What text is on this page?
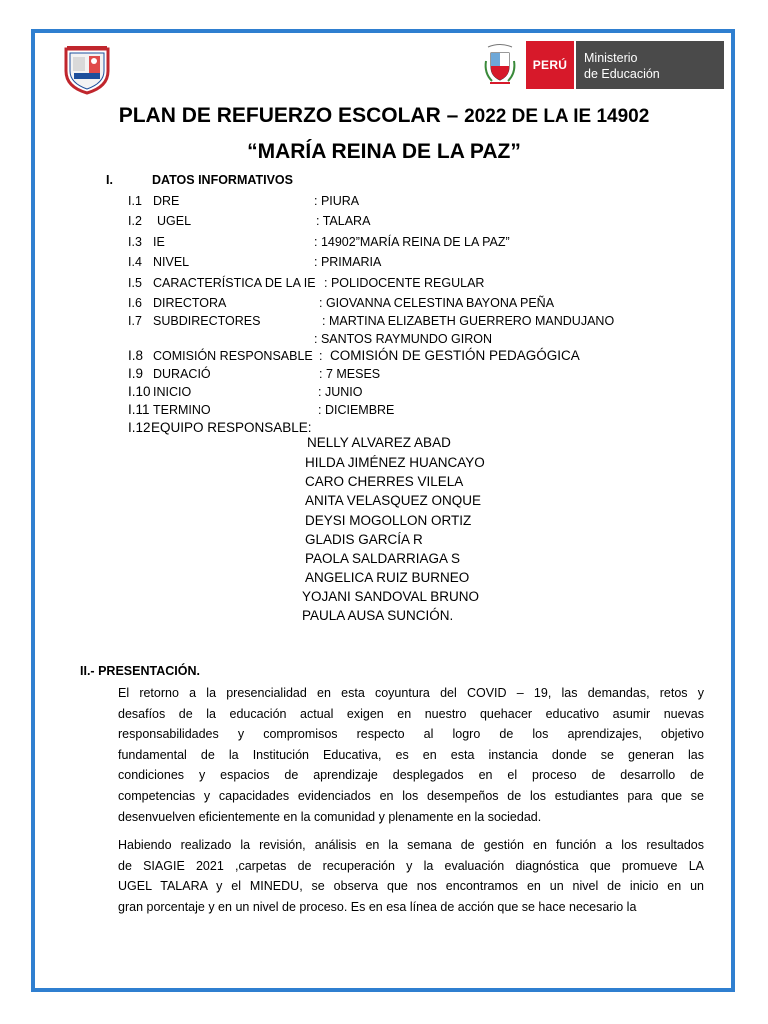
PERÚ Ministerio
de Educación
PLAN DE REFUERZO ESCOLAR – 2022 DE LA IE 14902
“MARÍA REINA DE LA PAZ”
I.	DATOS INFORMATIVOS
I.1 DRE	: PIURA
I.2 UGEL	: TALARA
I.3 IE	: 14902”MARÍA REINA DE LA PAZ”
I.4 NIVEL	: PRIMARIA
I.5 CARACTERÍSTICA DE LA IE : POLIDOCENTE REGULAR
I.6 DIRECTORA	: GIOVANNA CELESTINA BAYONA PEÑA
I.7 SUBDIRECTORES	: MARTINA ELIZABETH GUERRERO MANDUJANO
: SANTOS RAYMUNDO GIRON
I.8 COMISIÓN RESPONSABLE : COMISIÓN DE GESTIÓN PEDAGÓGICA
I.9 DURACIÓ	: 7 MESES
I.10 INICIO	: JUNIO
I.11 TERMINO	: DICIEMBRE
I.12 EQUIPO RESPONSABLE:
NELLY ALVAREZ ABAD
HILDA JIMÉNEZ HUANCAYO
CARO CHERRES VILELA
ANITA VELASQUEZ ONQUE
DEYSI MOGOLLON ORTIZ
GLADIS GARCÍA R
PAOLA SALDARRIAGA S
ANGELICA RUIZ BURNEO
YOJANI SANDOVAL BRUNO
PAULA AUSA SUNCIÓN.
II.- PRESENTACIÓN.
El retorno a la presencialidad en esta coyuntura del COVID – 19, las demandas, retos y
desafíos de la educación actual exigen en nuestro quehacer educativo asumir nuevas
responsabilidades y compromisos respecto al logro de los aprendizajes, objetivo
fundamental de la Institución Educativa, es en esta instancia donde se generan las
condiciones y espacios de aprendizaje desplegados en el proceso de desarrollo de
competencias y capacidades evidenciados en los desempeños de los estudiantes para que se
desenvuelven eficientemente en la comunidad y plenamente en la sociedad.
Habiendo realizado la revisión, análisis en la semana de gestión en función a los resultados
de SIAGIE 2021 ,carpetas de recuperación y la evaluación diagnóstica que promueve LA
UGEL TALARA y el MINEDU, se observa que nos encontramos en un nivel de inicio en un
gran porcentaje y en un nivel de proceso. Es en esa línea de acción que se hace necesario la
